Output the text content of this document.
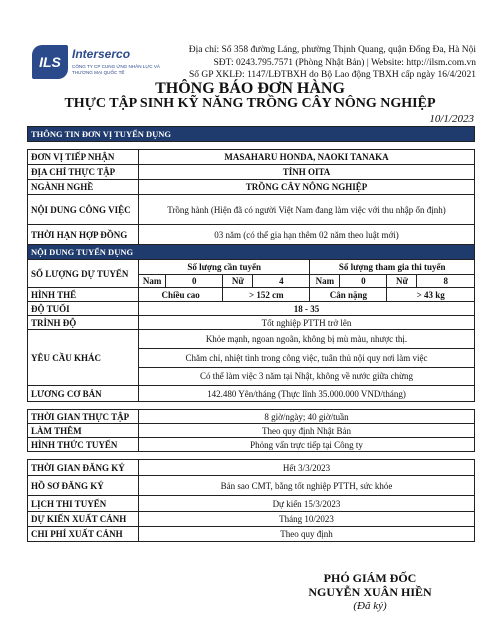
ILS Interserco
CÔNG TY CP CUNG ỨNG NHÂN LỰC VÀ THƯƠNG MẠI QUỐC TẾ
Địa chỉ: Số 358 đường Láng, phường Thịnh Quang, quận Đống Đa, Hà Nội
SĐT: 0243.795.7571 (Phòng Nhật Bản) | Website: http://ilsm.com.vn
Số GP XKLĐ: 1147/LĐTBXH do Bộ Lao động TBXH cấp ngày 16/4/2021
THÔNG BÁO ĐƠN HÀNG
THỰC TẬP SINH KỸ NĂNG TRỒNG CÂY NÔNG NGHIỆP
10/1/2023
THÔNG TIN ĐƠN VỊ TUYỂN DỤNG

ĐƠN VỊ TIẾP NHẬN	MASAHARU HONDA, NAOKI TANAKA
ĐỊA CHỈ THỰC TẬP	TỈNH OITA
NGÀNH NGHỀ	TRỒNG CÂY NÔNG NGHIỆP
NỘI DUNG CÔNG VIỆC	Trồng hành (Hiện đã có người Việt Nam đang làm việc với thu nhập ổn định)
THỜI HẠN HỢP ĐỒNG	03 năm (có thể gia hạn thêm 02 năm theo luật mới)
NỘI DUNG TUYỂN DỤNG
SỐ LƯỢNG DỰ TUYỂN	
Số lượng cần tuyển	Số lượng tham gia thi tuyển
Nam	0	Nữ	4	Nam	0	Nữ	8

HÌNH THỂ		Chiều cao	> 152 cm	Cân nặng	> 43 kg

ĐỘ TUỔI	18 - 35
TRÌNH ĐỘ	Tốt nghiệp PTTH trở lên
YÊU CẦU KHÁC	
Khỏe mạnh, ngoan ngoãn, không bị mù màu, nhược thị.
Chăm chỉ, nhiệt tình trong công việc, tuân thủ nội quy nơi làm việc
Có thể làm việc 3 năm tại Nhật, không về nước giữa chừng

LƯƠNG CƠ BẢN	142.480 Yên/tháng (Thực lĩnh 35.000.000 VND/tháng)

THỜI GIAN THỰC TẬP	8 giờ/ngày; 40 giờ/tuần
LÀM THÊM	Theo quy định Nhật Bản
HÌNH THỨC TUYỂN	Phỏng vấn trực tiếp tại Công ty

THỜI GIAN ĐĂNG KÝ	Hết 3/3/2023
HỒ SƠ ĐĂNG KÝ	Bản sao CMT, bằng tốt nghiệp PTTH, sức khỏe
LỊCH THI TUYỂN	Dự kiến 15/3/2023
DỰ KIẾN XUẤT CẢNH	Tháng 10/2023
CHI PHÍ XUẤT CẢNH	Theo quy định
PHÓ GIÁM ĐỐC
NGUYỄN XUÂN HIỀN
(Đã ký)
